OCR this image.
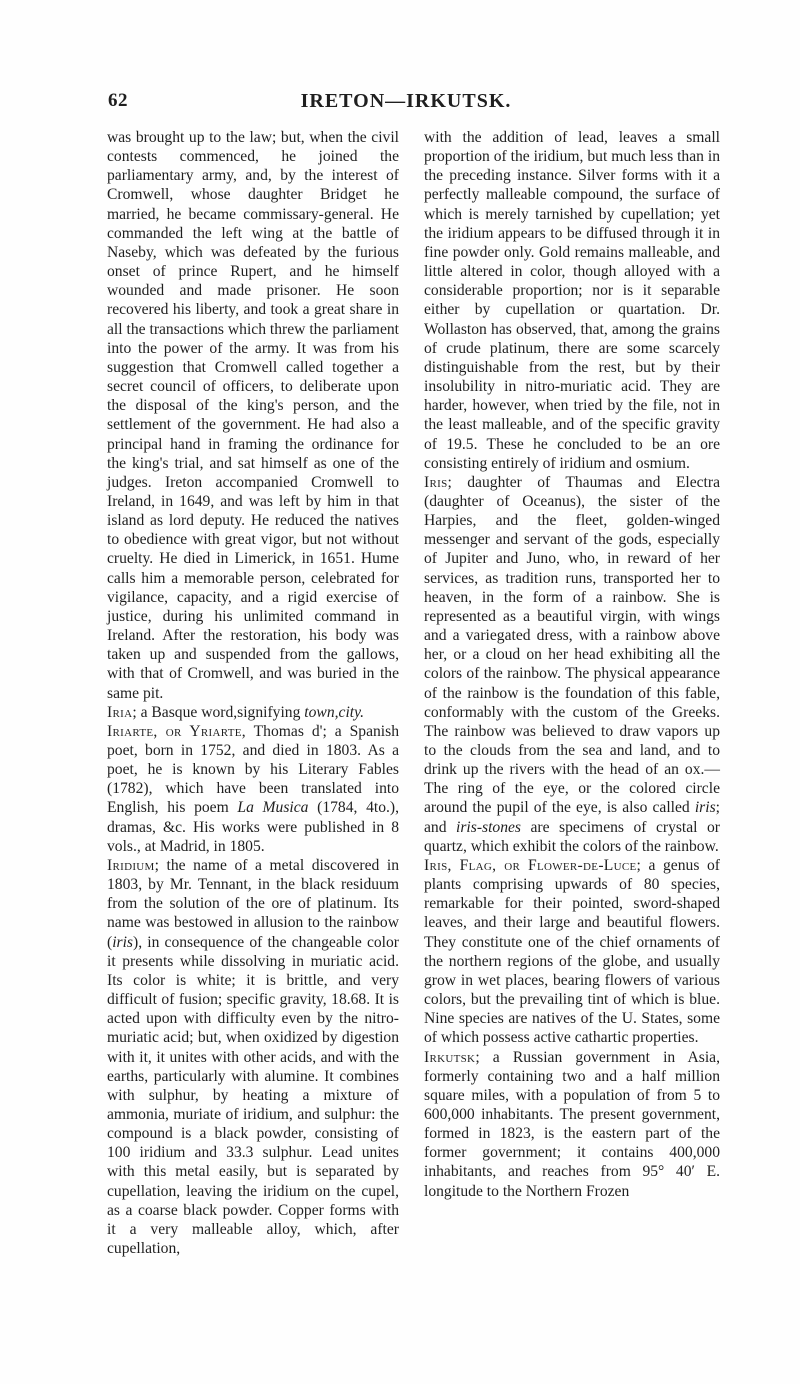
62	IRETON—IRKUTSK.

was brought up to the law; but, when the civil contests commenced, he joined the parliamentary army, and, by the interest of Cromwell, whose daughter Bridget he married, he became commissary-general. He commanded the left wing at the battle of Naseby, which was defeated by the furious onset of prince Rupert, and he himself wounded and made prisoner. He soon recovered his liberty, and took a great share in all the transactions which threw the parliament into the power of the army. It was from his suggestion that Cromwell called together a secret council of officers, to deliberate upon the disposal of the king's person, and the settlement of the government. He had also a principal hand in framing the ordinance for the king's trial, and sat himself as one of the judges. Ireton accompanied Cromwell to Ireland, in 1649, and was left by him in that island as lord deputy. He reduced the natives to obedience with great vigor, but not without cruelty. He died in Limerick, in 1651. Hume calls him a memorable person, celebrated for vigilance, capacity, and a rigid exercise of justice, during his unlimited command in Ireland. After the restoration, his body was taken up and suspended from the gallows, with that of Cromwell, and was buried in the same pit.

Iria; a Basque word,signifying town,city.

Iriarte, or Yriarte, Thomas d'; a Spanish poet, born in 1752, and died in 1803. As a poet, he is known by his Literary Fables (1782), which have been translated into English, his poem La Musica (1784, 4to.), dramas, &c. His works were published in 8 vols., at Madrid, in 1805.

Iridium; the name of a metal discovered in 1803, by Mr. Tennant, in the black residuum from the solution of the ore of platinum. Its name was bestowed in allusion to the rainbow (iris), in consequence of the changeable color it presents while dissolving in muriatic acid. Its color is white; it is brittle, and very difficult of fusion; specific gravity, 18.68. It is acted upon with difficulty even by the nitro-muriatic acid; but, when oxidized by digestion with it, it unites with other acids, and with the earths, particularly with alumine. It combines with sulphur, by heating a mixture of ammonia, muriate of iridium, and sulphur: the compound is a black powder, consisting of 100 iridium and 33.3 sulphur. Lead unites with this metal easily, but is separated by cupellation, leaving the iridium on the cupel, as a coarse black powder. Copper forms with it a very malleable alloy, which, after cupellation,

with the addition of lead, leaves a small proportion of the iridium, but much less than in the preceding instance. Silver forms with it a perfectly malleable compound, the surface of which is merely tarnished by cupellation; yet the iridium appears to be diffused through it in fine powder only. Gold remains malleable, and little altered in color, though alloyed with a considerable proportion; nor is it separable either by cupellation or quartation. Dr. Wollaston has observed, that, among the grains of crude platinum, there are some scarcely distinguishable from the rest, but by their insolubility in nitro-muriatic acid. They are harder, however, when tried by the file, not in the least malleable, and of the specific gravity of 19.5. These he concluded to be an ore consisting entirely of iridium and osmium.

Iris; daughter of Thaumas and Electra (daughter of Oceanus), the sister of the Harpies, and the fleet, golden-winged messenger and servant of the gods, especially of Jupiter and Juno, who, in reward of her services, as tradition runs, transported her to heaven, in the form of a rainbow. She is represented as a beautiful virgin, with wings and a variegated dress, with a rainbow above her, or a cloud on her head exhibiting all the colors of the rainbow. The physical appearance of the rainbow is the foundation of this fable, conformably with the custom of the Greeks. The rainbow was believed to draw vapors up to the clouds from the sea and land, and to drink up the rivers with the head of an ox.—The ring of the eye, or the colored circle around the pupil of the eye, is also called iris; and iris-stones are specimens of crystal or quartz, which exhibit the colors of the rainbow.

Iris, Flag, or Flower-de-Luce; a genus of plants comprising upwards of 80 species, remarkable for their pointed, sword-shaped leaves, and their large and beautiful flowers. They constitute one of the chief ornaments of the northern regions of the globe, and usually grow in wet places, bearing flowers of various colors, but the prevailing tint of which is blue. Nine species are natives of the U. States, some of which possess active cathartic properties.

Irkutsk; a Russian government in Asia, formerly containing two and a half million square miles, with a population of from 5 to 600,000 inhabitants. The present government, formed in 1823, is the eastern part of the former government; it contains 400,000 inhabitants, and reaches from 95° 40′ E. longitude to the Northern Frozen
